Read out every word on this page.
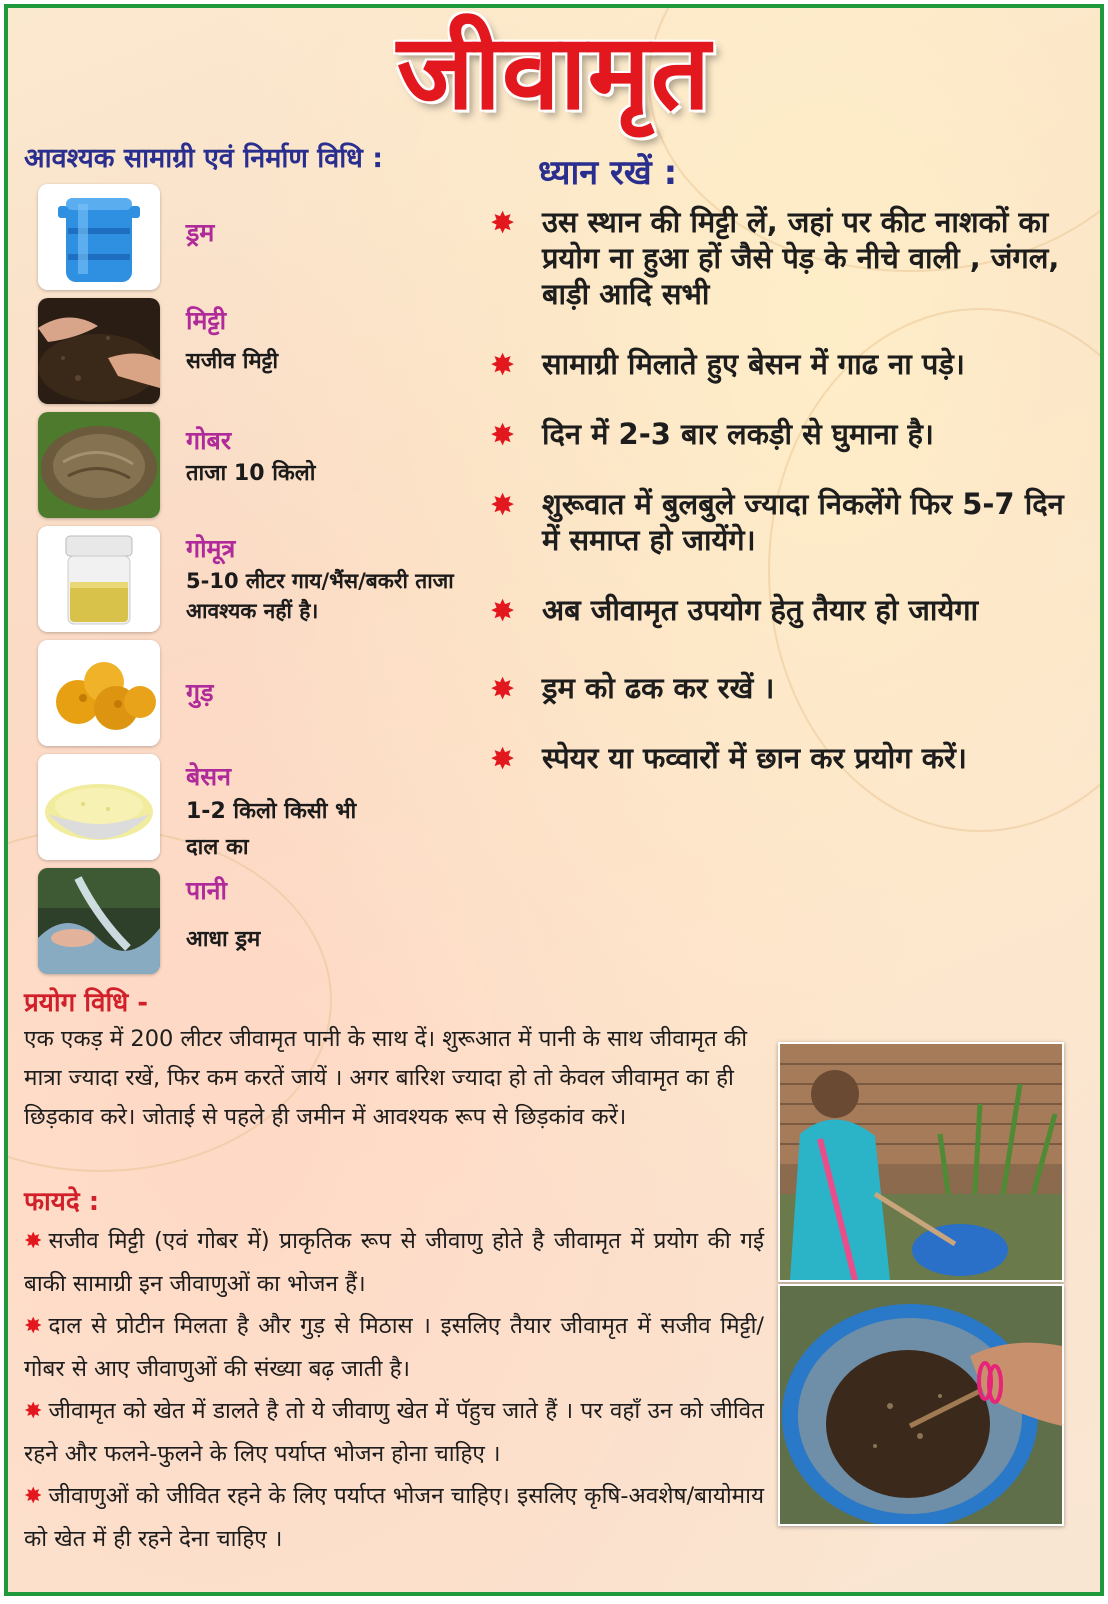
जीवामृत
आवश्यक सामाग्री एवं निर्माण विधि :	ध्यान रखें :
ड्रम
मिट्टी
सजीव मिट्टी
गोबर
ताजा 10 किलो
गोमूत्र
5-10 लीटर गाय/भैंस/बकरी ताजा आवश्यक नहीं है।
गुड़
बेसन
1-2 किलो किसी भी दाल का
पानी
आधा ड्रम
✸ उस स्थान की मिट्टी लें, जहां पर कीट नाशकों का प्रयोग ना हुआ हों जैसे पेड़ के नीचे वाली , जंगल, बाड़ी आदि सभी
✸ सामाग्री मिलाते हुए बेसन में गाढ ना पड़े।
✸ दिन में 2-3 बार लकड़ी से घुमाना है।
✸ शुरूवात में बुलबुले ज्यादा निकलेंगे फिर 5-7 दिन में समाप्त हो जायेंगे।
✸ अब जीवामृत उपयोग हेतु तैयार हो जायेगा
✸ ड्रम को ढक कर रखें ।
✸ स्पेयर या फव्वारों में छान कर प्रयोग करें।
प्रयोग विधि -
एक एकड़ में 200 लीटर जीवामृत पानी के साथ दें। शुरूआत में पानी के साथ जीवामृत की मात्रा ज्यादा रखें, फिर कम करतें जायें । अगर बारिश ज्यादा हो तो केवल जीवामृत का ही छिड़काव करे। जोताई से पहले ही जमीन में आवश्यक रूप से छिड़कांव करें।
फायदे :
✸ सजीव मिट्टी (एवं गोबर में) प्राकृतिक रूप से जीवाणु होते है जीवामृत में प्रयोग की गई बाकी सामाग्री इन जीवाणुओं का भोजन हैं।
✸ दाल से प्रोटीन मिलता है और गुड़ से मिठास । इसलिए तैयार जीवामृत में सजीव मिट्टी/गोबर से आए जीवाणुओं की संख्या बढ़ जाती है।
✸ जीवामृत को खेत में डालते है तो ये जीवाणु खेत में पॅहुच जाते हैं । पर वहाँ उन को जीवित रहने और फलने-फुलने के लिए पर्याप्त भोजन होना चाहिए ।
✸ जीवाणुओं को जीवित रहने के लिए पर्याप्त भोजन चाहिए। इसलिए कृषि-अवशेष/बायोमाय को खेत में ही रहने देना चाहिए ।
